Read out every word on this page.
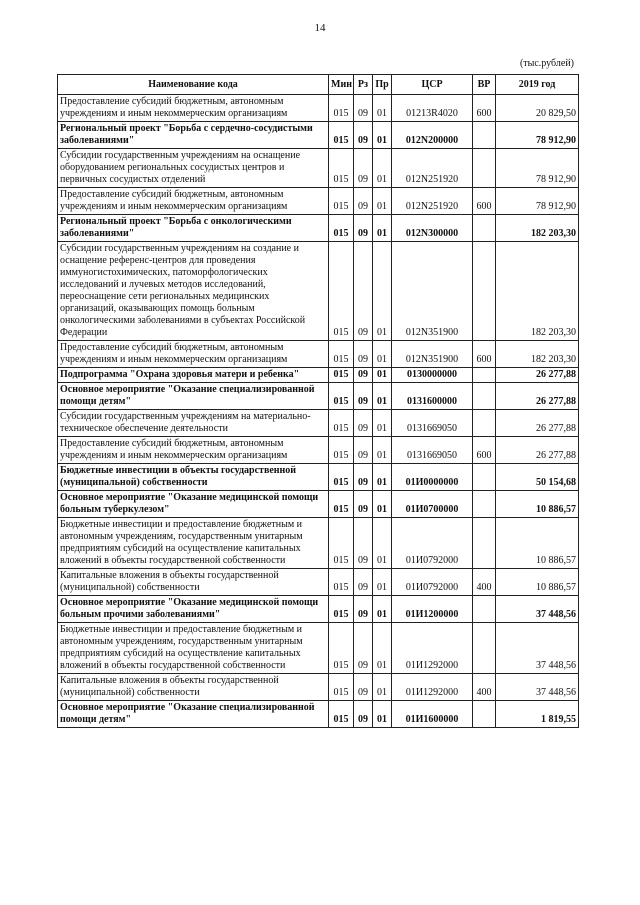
14
(тыс.рублей)
Наименование кода	Мин	Рз	Пр	ЦСР	ВР	2019 год
Предоставление субсидий бюджетным, автономным учреждениям и иным некоммерческим организациям	015	09	01	01213R4020	600	20 829,50
Региональный проект "Борьба с сердечно-сосудистыми заболеваниями"	015	09	01	012N200000		78 912,90
Субсидии государственным учреждениям на оснащение оборудованием региональных сосудистых центров и первичных сосудистых отделений	015	09	01	012N251920		78 912,90
Предоставление субсидий бюджетным, автономным учреждениям и иным некоммерческим организациям	015	09	01	012N251920	600	78 912,90
Региональный проект "Борьба с онкологическими заболеваниями"	015	09	01	012N300000		182 203,30
Субсидии государственным учреждениям на создание и оснащение референс-центров для проведения иммуногистохимических, патоморфологических исследований и лучевых методов исследований, переоснащение сети региональных медицинских организаций, оказывающих помощь больным онкологическими заболеваниями в субъектах Российской Федерации	015	09	01	012N351900		182 203,30
Предоставление субсидий бюджетным, автономным учреждениям и иным некоммерческим организациям	015	09	01	012N351900	600	182 203,30
Подпрограмма "Охрана здоровья матери и ребенка"	015	09	01	0130000000		26 277,88
Основное мероприятие "Оказание специализированной помощи детям"	015	09	01	0131600000		26 277,88
Субсидии государственным учреждениям на материально-техническое обеспечение деятельности	015	09	01	0131669050		26 277,88
Предоставление субсидий бюджетным, автономным учреждениям и иным некоммерческим организациям	015	09	01	0131669050	600	26 277,88
Бюджетные инвестиции в объекты государственной (муниципальной) собственности	015	09	01	01И0000000		50 154,68
Основное мероприятие "Оказание медицинской помощи больным туберкулезом"	015	09	01	01И0700000		10 886,57
Бюджетные инвестиции и предоставление бюджетным и автономным учреждениям, государственным унитарным предприятиям субсидий на осуществление капитальных вложений в объекты государственной собственности	015	09	01	01И0792000		10 886,57
Капитальные вложения в объекты государственной (муниципальной) собственности	015	09	01	01И0792000	400	10 886,57
Основное мероприятие "Оказание медицинской помощи больным прочими заболеваниями"	015	09	01	01И1200000		37 448,56
Бюджетные инвестиции и предоставление бюджетным и автономным учреждениям, государственным унитарным предприятиям субсидий на осуществление капитальных вложений в объекты государственной собственности	015	09	01	01И1292000		37 448,56
Капитальные вложения в объекты государственной (муниципальной) собственности	015	09	01	01И1292000	400	37 448,56
Основное мероприятие "Оказание специализированной помощи детям"	015	09	01	01И1600000		1 819,55
